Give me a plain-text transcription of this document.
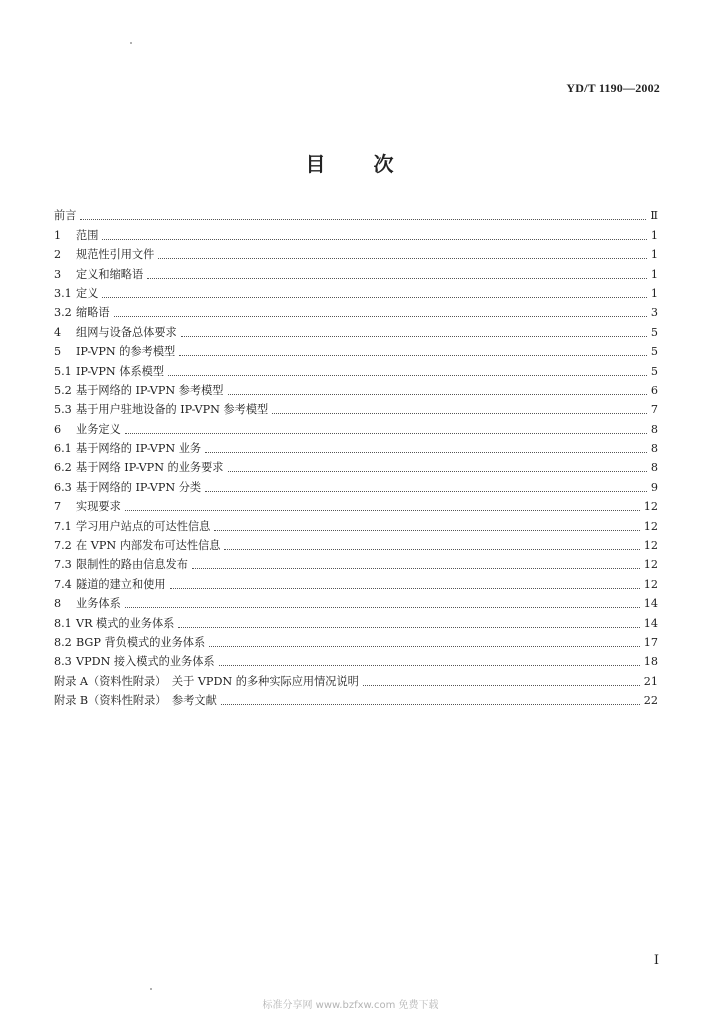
YD/T 1190—2002
目 次
前言	Ⅱ
1	范围	1
2	规范性引用文件	1
3	定义和缩略语	1
3.1 定义	1
3.2 缩略语	3
4	组网与设备总体要求	5
5	IP-VPN 的参考模型	5
5.1 IP-VPN 体系模型	5
5.2 基于网络的 IP-VPN 参考模型	6
5.3 基于用户驻地设备的 IP-VPN 参考模型	7
6	业务定义	8
6.1 基于网络的 IP-VPN 业务	8
6.2 基于网络 IP-VPN 的业务要求	8
6.3 基于网络的 IP-VPN 分类	9
7	实现要求	12
7.1 学习用户站点的可达性信息	12
7.2 在 VPN 内部发布可达性信息	12
7.3 限制性的路由信息发布	12
7.4 隧道的建立和使用	12
8	业务体系	14
8.1 VR 模式的业务体系	14
8.2 BGP 背负模式的业务体系	17
8.3 VPDN 接入模式的业务体系	18
附录 A（资料性附录）　关于 VPDN 的多种实际应用情况说明	21
附录 B（资料性附录）　参考文献	22
I
标准分享网 www.bzfxw.com 免费下载
